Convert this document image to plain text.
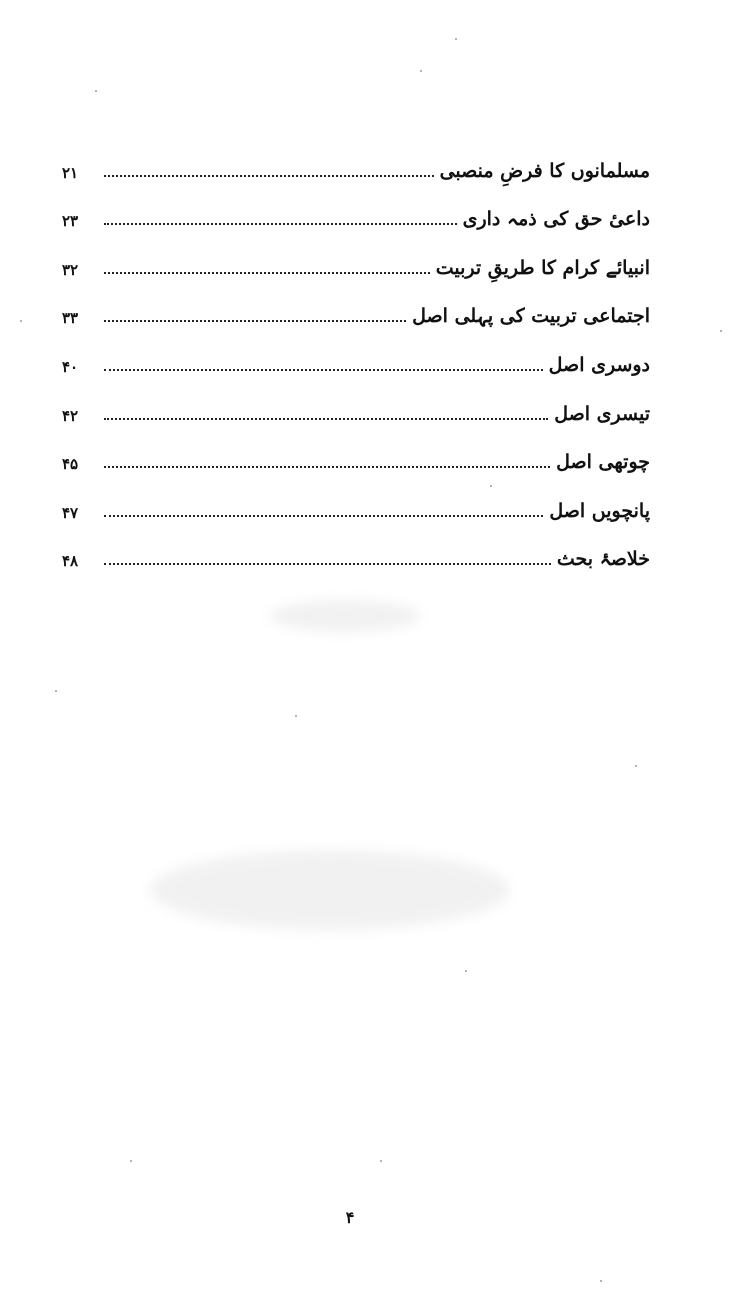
مسلمانوں کا فرضِ منصبی
۲۱
داعیٔ حق کی ذمہ داری
۲۳
انبیائے کرام کا طریقِ تربیت
۳۲
اجتماعی تربیت کی پہلی اصل
۳۳
دوسری اصل
۴۰
تیسری اصل
۴۲
چوتھی اصل
۴۵
پانچویں اصل
۴۷
خلاصۂ بحث
۴۸
۴
